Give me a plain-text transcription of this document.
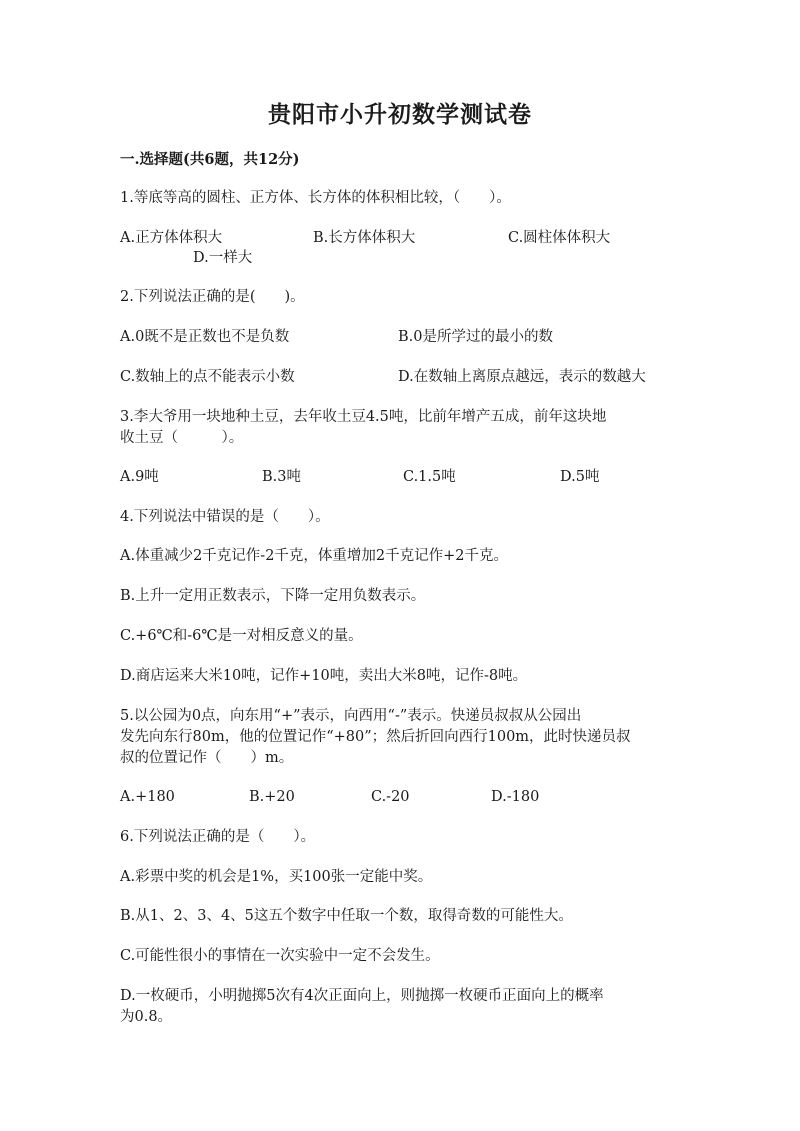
贵阳市小升初数学测试卷
一.选择题(共6题，共12分)
1.等底等高的圆柱、正方体、长方体的体积相比较，（　　）。
A.正方体体积大	B.长方体体积大	C.圆柱体体积大
D.一样大
2.下列说法正确的是(　　)。
A.0既不是正数也不是负数	B.0是所学过的最小的数
C.数轴上的点不能表示小数	D.在数轴上离原点越远，表示的数越大
3.李大爷用一块地种土豆，去年收土豆4.5吨，比前年增产五成，前年这块地
收土豆（　　　）。
A.9吨	B.3吨	C.1.5吨	D.5吨
4.下列说法中错误的是（　　）。
A.体重减少2千克记作-2千克，体重增加2千克记作+2千克。
B.上升一定用正数表示，下降一定用负数表示。
C.+6℃和-6℃是一对相反意义的量。
D.商店运来大米10吨，记作+10吨，卖出大米8吨，记作-8吨。
5.以公园为0点，向东用“+”表示，向西用“-”表示。快递员叔叔从公园出
发先向东行80m，他的位置记作“+80”；然后折回向西行100m，此时快递员叔
叔的位置记作（　　）m。
A.+180	B.+20	C.-20	D.-180
6.下列说法正确的是（　　）。
A.彩票中奖的机会是1%，买100张一定能中奖。
B.从1、2、3、4、5这五个数字中任取一个数，取得奇数的可能性大。
C.可能性很小的事情在一次实验中一定不会发生。
D.一枚硬币，小明抛掷5次有4次正面向上，则抛掷一枚硬币正面向上的概率
为0.8。
